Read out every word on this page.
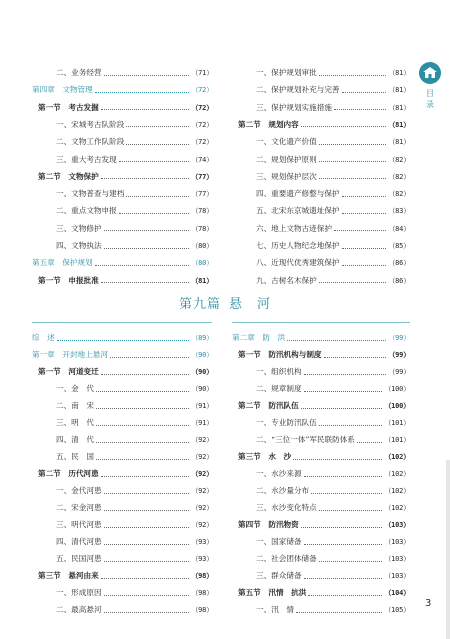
目
录
第九篇 悬　河
3
二、业务经营	（71）
第四章　文物管理	（72）
第一节　考古发掘	（72）
一、宋城考古队阶段	（72）
二、文物工作队阶段	（72）
三、重大考古发现	（74）
第二节　文物保护	（77）
一、文物普查与建档	（77）
二、重点文物申报	（78）
三、文物修护	（78）
四、文物执法	（80）
第五章　保护规划	（80）
第一节　申报批准	（81）
一、保护规划审批	（81）
二、保护规划补充与完善	（81）
三、保护规划实施措施	（81）
第二节　规划内容	（81）
一、文化遗产价值	（81）
二、规划保护原则	（82）
三、规划保护层次	（82）
四、重要遗产修整与保护	（82）
五、北宋东京城遗址保护	（83）
六、地上文物古迹保护	（84）
七、历史人物纪念地保护	（85）
八、近现代优秀建筑保护	（86）
九、古树名木保护	（86）
综　述	（89）
第一章　开封地上悬河	（90）
第一节　河道变迁	（90）
一、金　代	（90）
二、南　宋	（91）
三、明　代	（91）
四、清　代	（92）
五、民　国	（92）
第二节　历代河患	（92）
一、金代河患	（92）
二、宋金河患	（92）
三、明代河患	（92）
四、清代河患	（93）
五、民国河患	（93）
第三节　悬河由来	（98）
一、形成原因	（98）
二、最高悬河	（98）
第二章　防　洪	（99）
第一节　防汛机构与制度	（99）
一、组织机构	（99）
二、规章制度	（100）
第二节　防汛队伍	（100）
一、专业防汛队伍	（101）
二、“三位一体”军民联防体系	（101）
第三节　水　沙	（102）
一、水沙来源	（102）
二、水沙量分布	（102）
三、水沙变化特点	（102）
第四节　防汛物资	（103）
一、国家储备	（103）
二、社会团体储备	（103）
三、群众储备	（103）
第五节　汛情　抗洪	（104）
一、汛　情	（105）
